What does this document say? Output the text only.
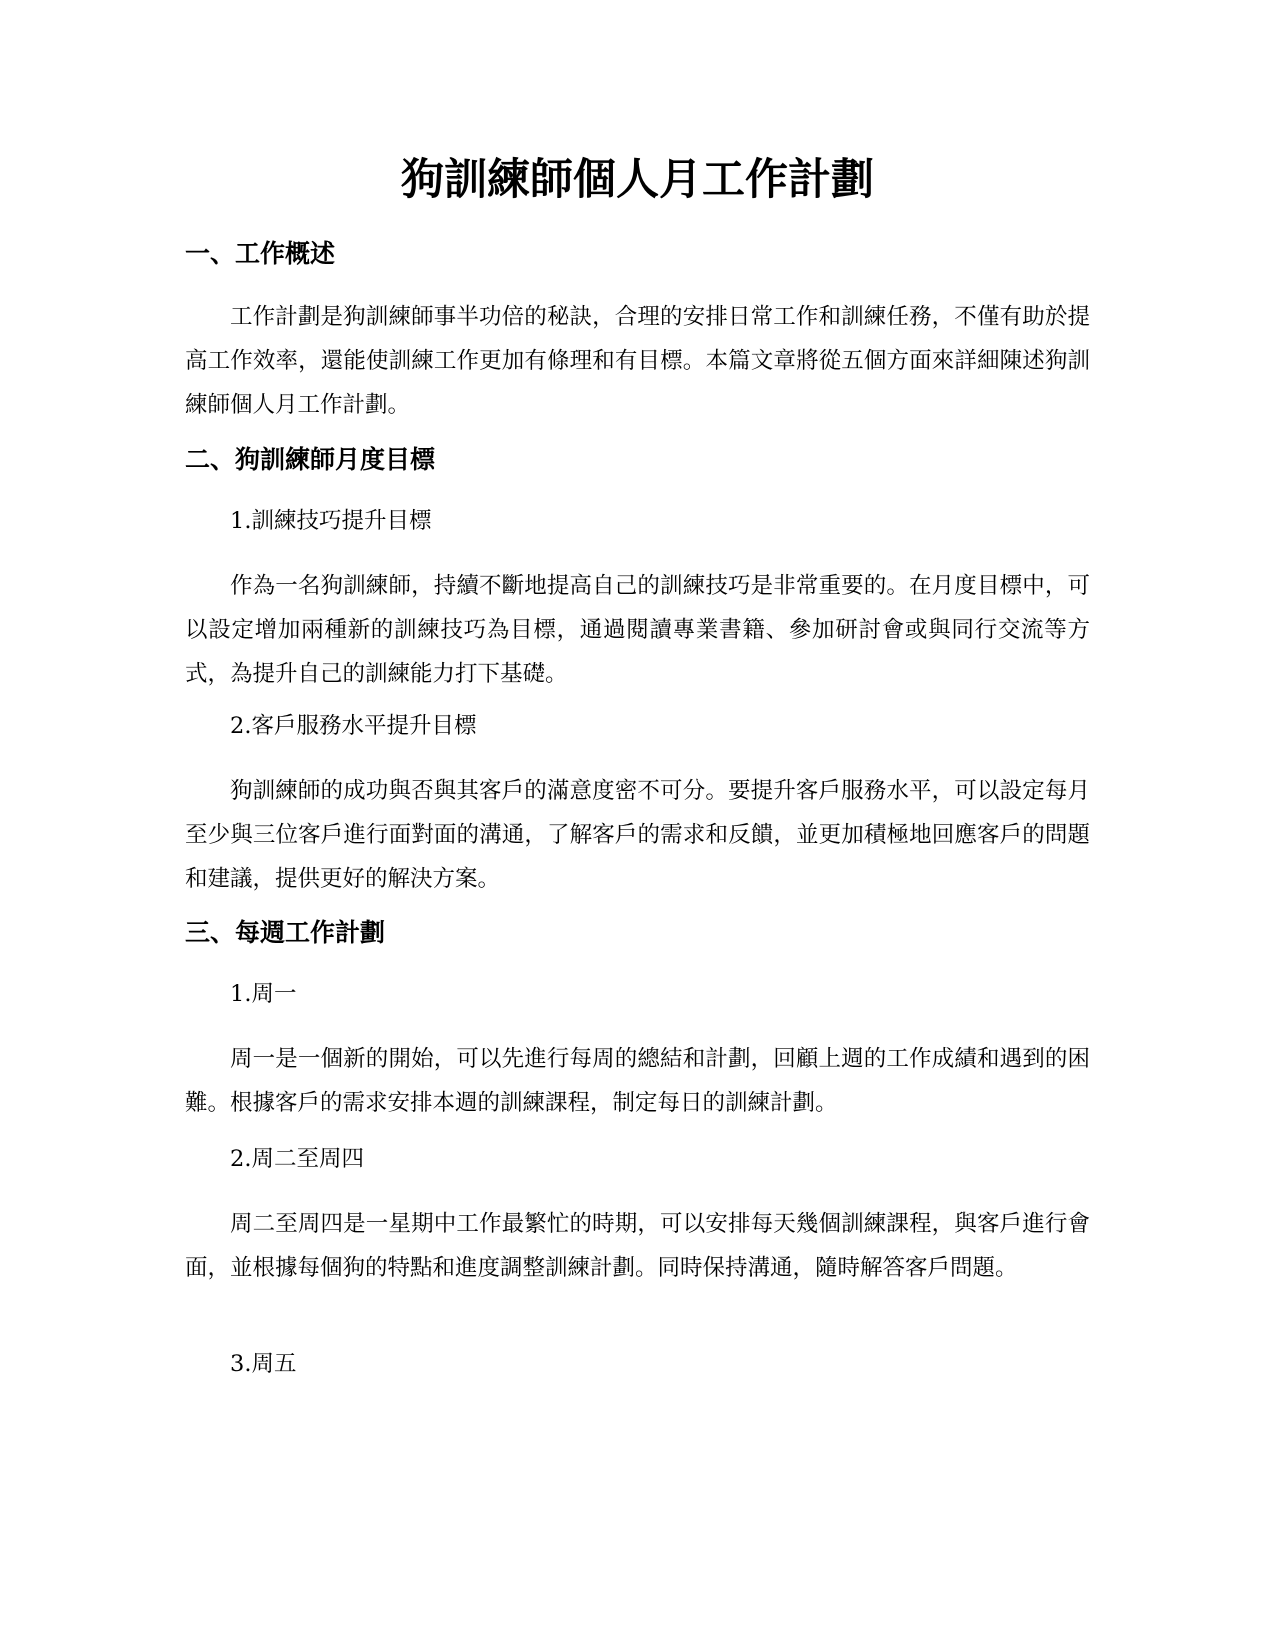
狗訓練師個人月工作計劃
一、工作概述

工作計劃是狗訓練師事半功倍的秘訣，合理的安排日常工作和訓練任務，不僅有助於提高工作效率，還能使訓練工作更加有條理和有目標。本篇文章將從五個方面來詳細陳述狗訓練師個人月工作計劃。

二、狗訓練師月度目標

1.訓練技巧提升目標

作為一名狗訓練師，持續不斷地提高自己的訓練技巧是非常重要的。在月度目標中，可以設定增加兩種新的訓練技巧為目標，通過閱讀專業書籍、參加研討會或與同行交流等方式，為提升自己的訓練能力打下基礎。

2.客戶服務水平提升目標

狗訓練師的成功與否與其客戶的滿意度密不可分。要提升客戶服務水平，可以設定每月至少與三位客戶進行面對面的溝通，了解客戶的需求和反饋，並更加積極地回應客戶的問題和建議，提供更好的解決方案。

三、每週工作計劃

1.周一

周一是一個新的開始，可以先進行每周的總結和計劃，回顧上週的工作成績和遇到的困難。根據客戶的需求安排本週的訓練課程，制定每日的訓練計劃。

2.周二至周四

周二至周四是一星期中工作最繁忙的時期，可以安排每天幾個訓練課程，與客戶進行會面，並根據每個狗的特點和進度調整訓練計劃。同時保持溝通，隨時解答客戶問題。

3.周五
